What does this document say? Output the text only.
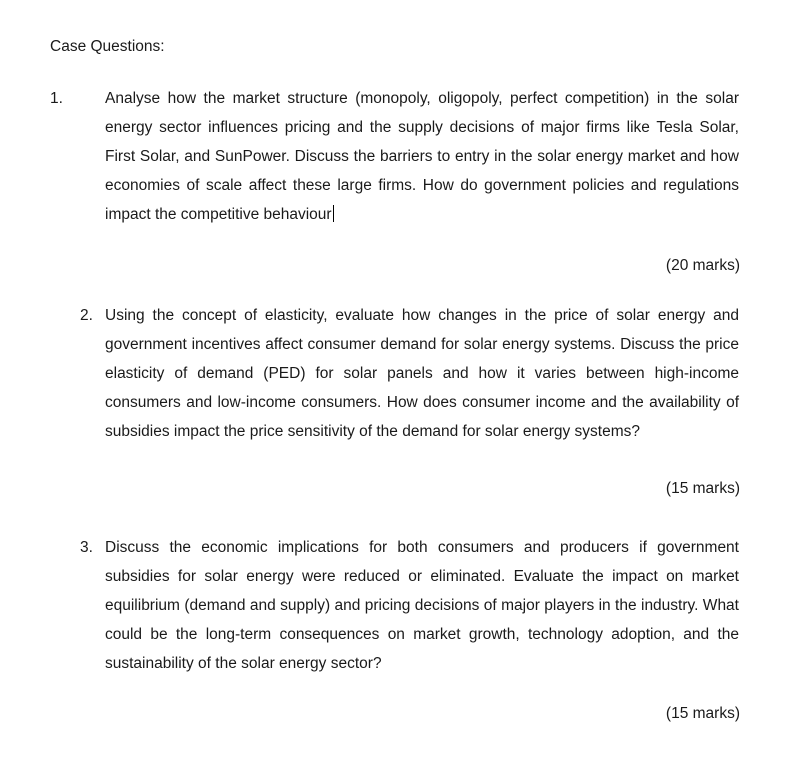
Case Questions:
1.	Analyse how the market structure (monopoly, oligopoly, perfect competition) in the solar energy sector influences pricing and the supply decisions of major firms like Tesla Solar, First Solar, and SunPower. Discuss the barriers to entry in the solar energy market and how economies of scale affect these large firms. How do government policies and regulations impact the competitive behaviour
(20 marks)
2. Using the concept of elasticity, evaluate how changes in the price of solar energy and government incentives affect consumer demand for solar energy systems. Discuss the price elasticity of demand (PED) for solar panels and how it varies between high-income consumers and low-income consumers. How does consumer income and the availability of subsidies impact the price sensitivity of the demand for solar energy systems?
(15 marks)
3. Discuss the economic implications for both consumers and producers if government subsidies for solar energy were reduced or eliminated. Evaluate the impact on market equilibrium (demand and supply) and pricing decisions of major players in the industry. What could be the long-term consequences on market growth, technology adoption, and the sustainability of the solar energy sector?
(15 marks)
